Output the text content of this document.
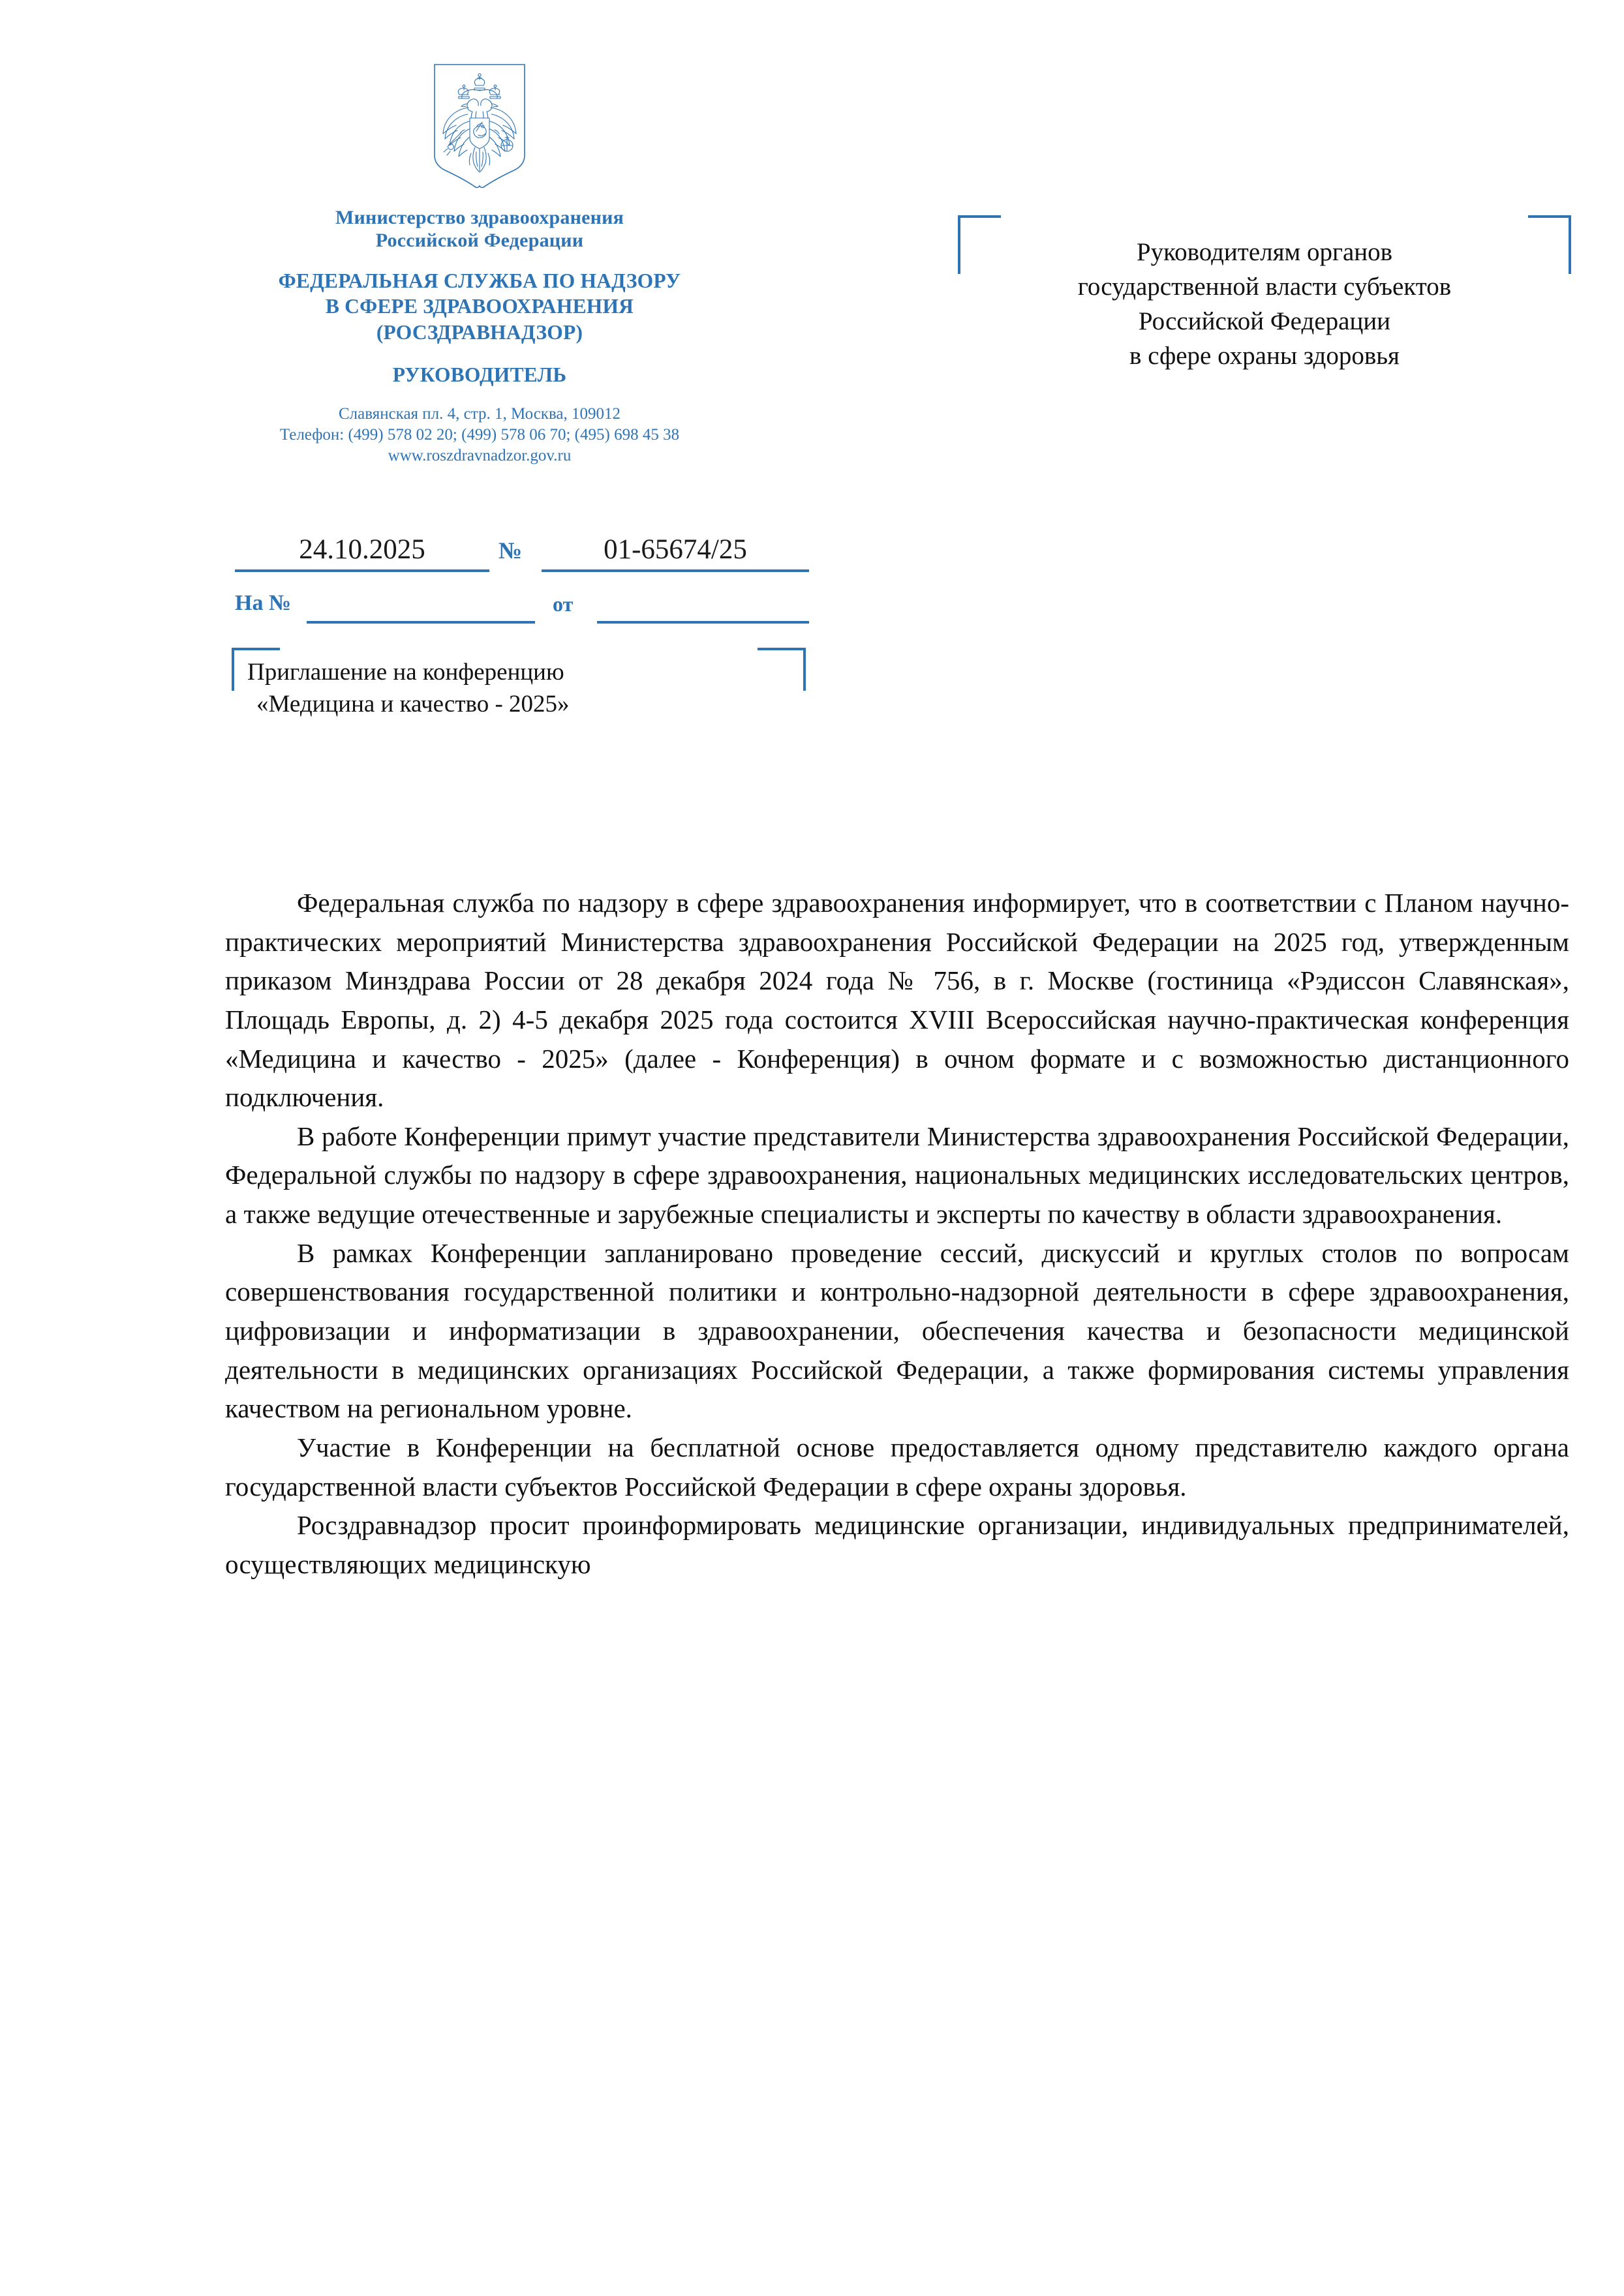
Министерство здравоохранения
Российской Федерации
ФЕДЕРАЛЬНАЯ СЛУЖБА ПО НАДЗОРУ
В СФЕРЕ ЗДРАВООХРАНЕНИЯ
(РОСЗДРАВНАДЗОР)
РУКОВОДИТЕЛЬ
Славянская пл. 4, стр. 1, Москва, 109012
Телефон: (499) 578 02 20; (499) 578 06 70; (495) 698 45 38
www.roszdravnadzor.gov.ru
24.10.2025	№	01-65674/25
На №	от
Приглашение на конференцию
«Медицина и качество - 2025»
Руководителям органов
государственной власти субъектов
Российской Федерации
в сфере охраны здоровья

Федеральная служба по надзору в сфере здравоохранения информирует, что в соответствии с Планом научно-практических мероприятий Министерства здравоохранения Российской Федерации на 2025 год, утвержденным приказом Минздрава России от 28 декабря 2024 года № 756, в г. Москве (гостиница «Рэдиссон Славянская», Площадь Европы, д. 2) 4-5 декабря 2025 года состоится XVIII Всероссийская научно-практическая конференция «Медицина и качество - 2025» (далее - Конференция) в очном формате и с возможностью дистанционного подключения.

В работе Конференции примут участие представители Министерства здравоохранения Российской Федерации, Федеральной службы по надзору в сфере здравоохранения, национальных медицинских исследовательских центров, а также ведущие отечественные и зарубежные специалисты и эксперты по качеству в области здравоохранения.

В рамках Конференции запланировано проведение сессий, дискуссий и круглых столов по вопросам совершенствования государственной политики и контрольно-надзорной деятельности в сфере здравоохранения, цифровизации и информатизации в здравоохранении, обеспечения качества и безопасности медицинской деятельности в медицинских организациях Российской Федерации, а также формирования системы управления качеством на региональном уровне.

Участие в Конференции на бесплатной основе предоставляется одному представителю каждого органа государственной власти субъектов Российской Федерации в сфере охраны здоровья.

Росздравнадзор просит проинформировать медицинские организации, индивидуальных предпринимателей, осуществляющих медицинскую
